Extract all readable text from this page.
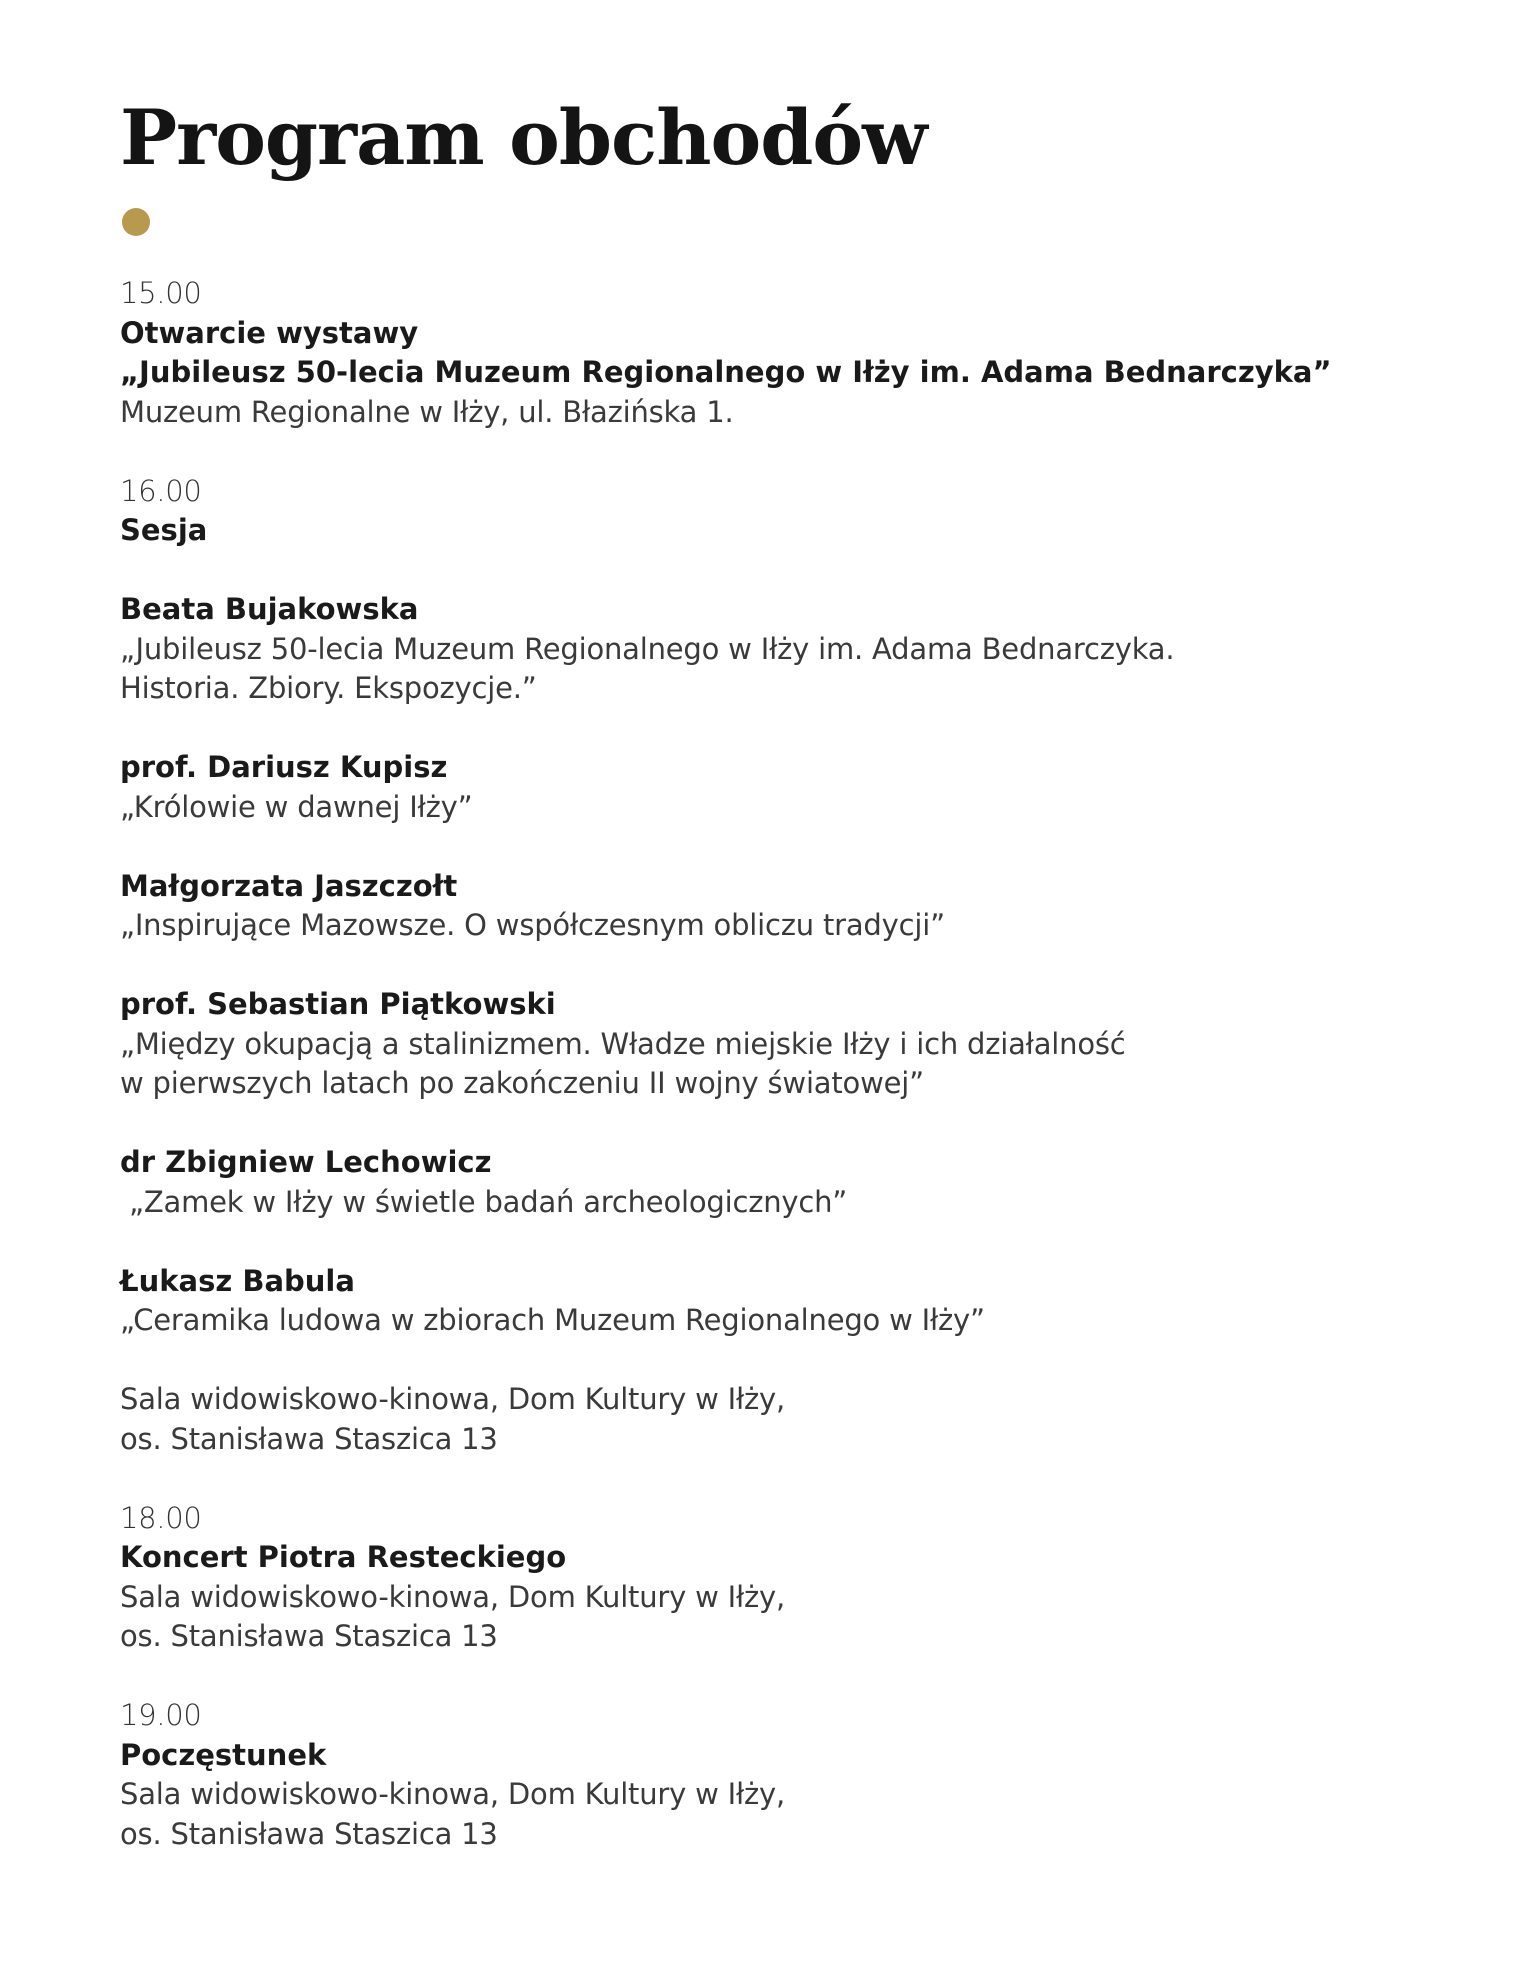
Program obchodów

15.00

Otwarcie wystawy

„Jubileusz 50-lecia Muzeum Regionalnego w Iłży im. Adama Bednarczyka”

Muzeum Regionalne w Iłży, ul. Błazińska 1.

16.00

Sesja

Beata Bujakowska

„Jubileusz 50-lecia Muzeum Regionalnego w Iłży im. Adama Bednarczyka.

Historia. Zbiory. Ekspozycje.”

prof. Dariusz Kupisz

„Królowie w dawnej Iłży”

Małgorzata Jaszczołt

„Inspirujące Mazowsze. O współczesnym obliczu tradycji”

prof. Sebastian Piątkowski

„Między okupacją a stalinizmem. Władze miejskie Iłży i ich działalność

w pierwszych latach po zakończeniu II wojny światowej”

dr Zbigniew Lechowicz

„Zamek w Iłży w świetle badań archeologicznych”

Łukasz Babula

„Ceramika ludowa w zbiorach Muzeum Regionalnego w Iłży”

Sala widowiskowo-kinowa, Dom Kultury w Iłży,

os. Stanisława Staszica 13

18.00

Koncert Piotra Resteckiego

Sala widowiskowo-kinowa, Dom Kultury w Iłży,

os. Stanisława Staszica 13

19.00

Poczęstunek

Sala widowiskowo-kinowa, Dom Kultury w Iłży,

os. Stanisława Staszica 13
